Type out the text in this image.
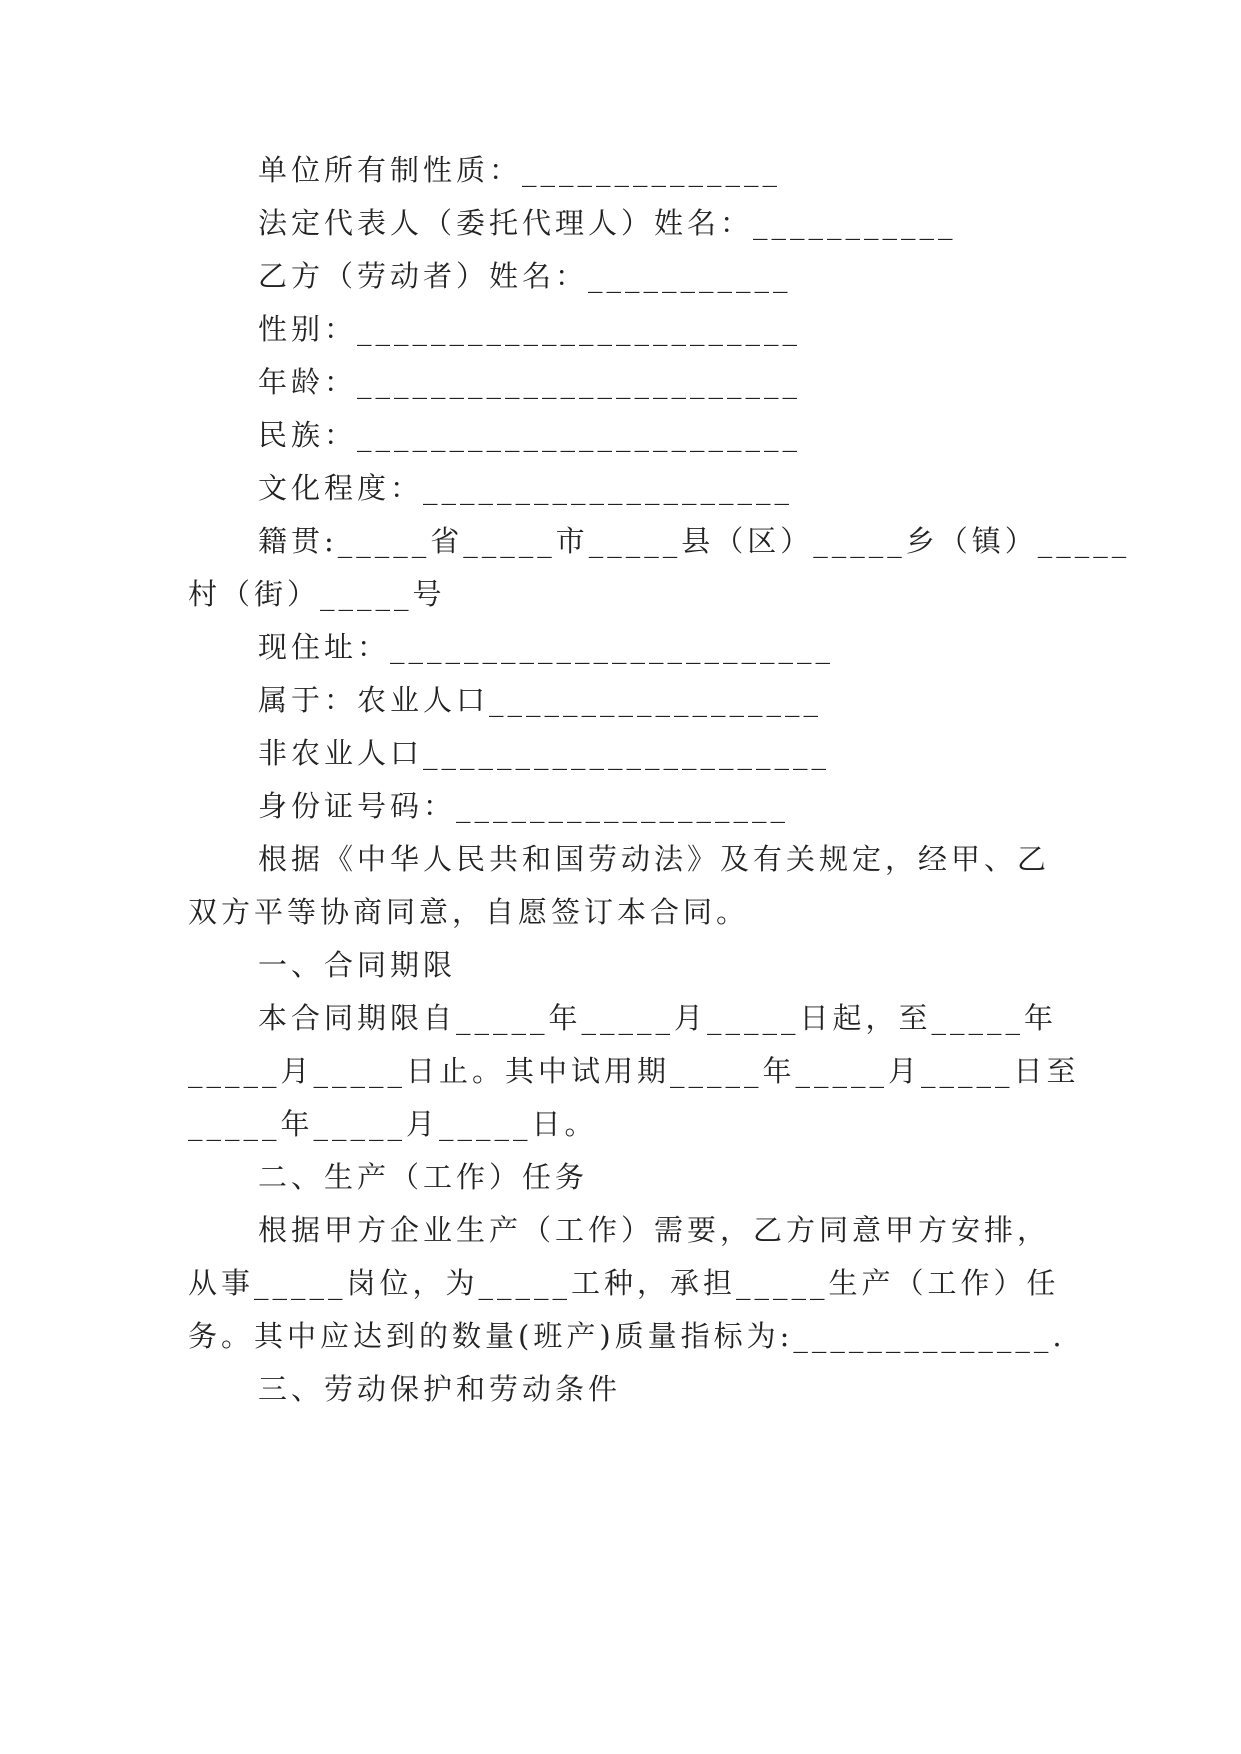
单位所有制性质：______________
法定代表人（委托代理人）姓名：___________
乙方（劳动者）姓名：___________
性别：________________________
年龄：________________________
民族：________________________
文化程度：____________________
籍贯:_____省_____市_____县（区）_____乡（镇）_____
村（街）_____号
现住址：________________________
属于：农业人口__________________
非农业人口______________________
身份证号码：__________________
根据《中华人民共和国劳动法》及有关规定，经甲、乙
双方平等协商同意，自愿签订本合同。
一、合同期限
本合同期限自_____年_____月_____日起，至_____年
_____月_____日止。其中试用期_____年_____月_____日至
_____年_____月_____日。
二、生产（工作）任务
根据甲方企业生产（工作）需要，乙方同意甲方安排，
从事_____岗位，为_____工种，承担_____生产（工作）任
务。其中应达到的数量(班产)质量指标为:______________.
三、劳动保护和劳动条件
